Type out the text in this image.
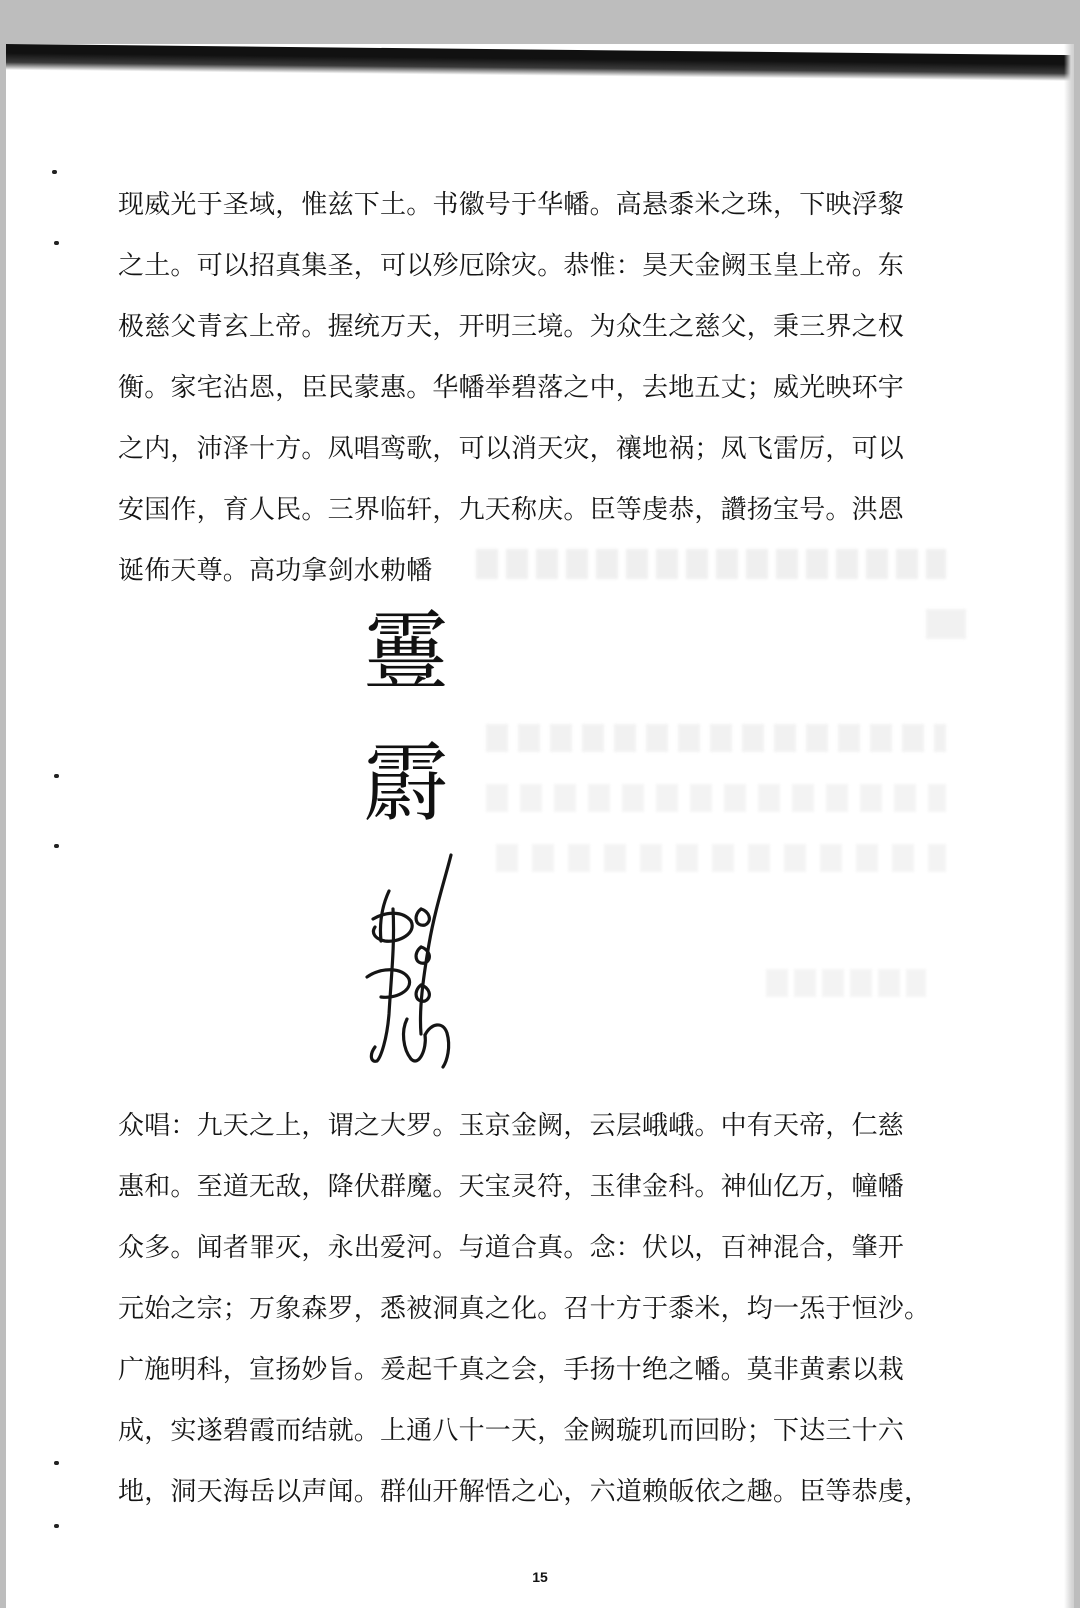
现威光于圣域，惟兹下土。书徽号于华幡。高悬黍米之珠，下映浮黎

之土。可以招真集圣，可以殄厄除灾。恭惟：昊天金阙玉皇上帝。东

极慈父青玄上帝。握统万天，开明三境。为众生之慈父，秉三界之权

衡。家宅沾恩，臣民蒙惠。华幡举碧落之中，去地五丈；威光映环宇

之内，沛泽十方。凤唱鸾歌，可以消天灾，禳地祸；凤飞雷厉，可以

安国作，育人民。三界临轩，九天称庆。臣等虔恭，讚扬宝号。洪恩

诞佈天尊。高功拿剑水勅幡

霻
霨

众唱：九天之上，谓之大罗。玉京金阙，云层峨峨。中有天帝，仁慈

惠和。至道无敌，降伏群魔。天宝灵符，玉律金科。神仙亿万，幢幡

众多。闻者罪灭，永出爱河。与道合真。念：伏以，百神混合，肇开

元始之宗；万象森罗，悉被洞真之化。召十方于黍米，均一炁于恒沙。

广施明科，宣扬妙旨。爰起千真之会，手扬十绝之幡。莫非黄素以栽

成，实遂碧霞而结就。上通八十一天，金阙璇玑而回盼；下达三十六

地，洞天海岳以声闻。群仙开解悟之心，六道赖皈依之趣。臣等恭虔，

15
